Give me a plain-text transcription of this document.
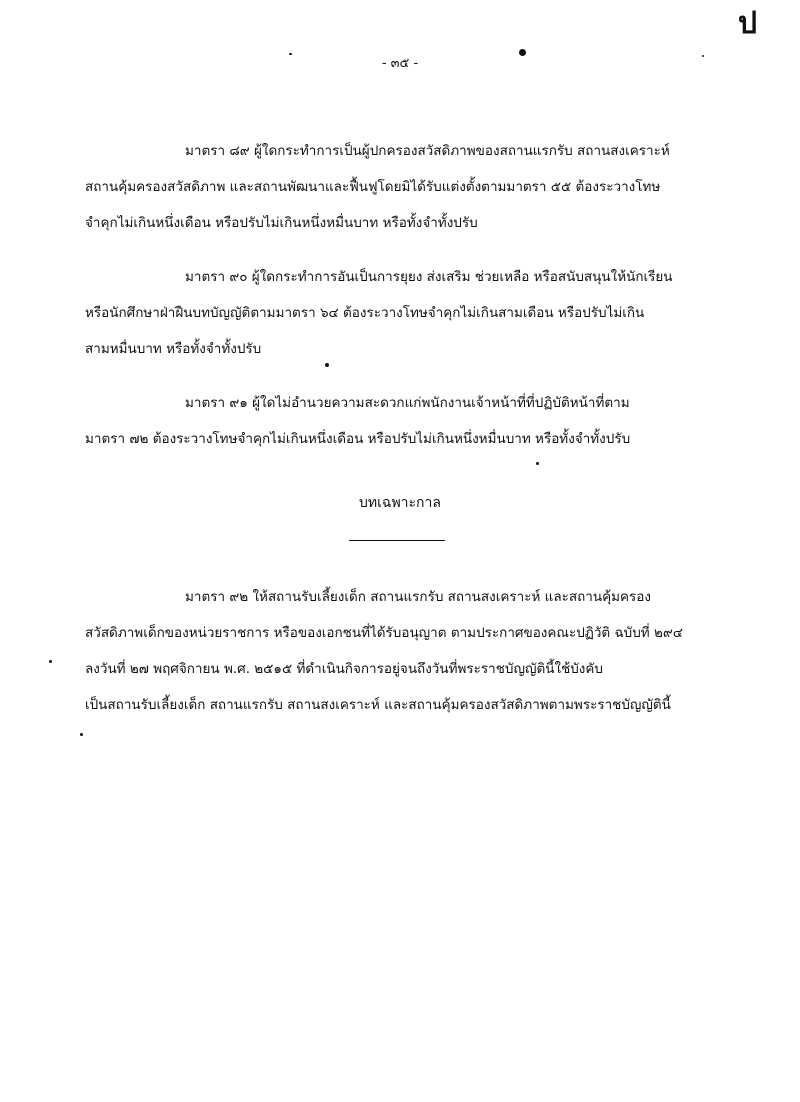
ป
- ๓๕ -
มาตรา ๘๙ ผู้ใดกระทำการเป็นผู้ปกครองสวัสดิภาพของสถานแรกรับ สถานสงเคราะห์
สถานคุ้มครองสวัสดิภาพ และสถานพัฒนาและฟื้นฟูโดยมิได้รับแต่งตั้งตามมาตรา ๕๕ ต้องระวางโทษ
จำคุกไม่เกินหนึ่งเดือน หรือปรับไม่เกินหนึ่งหมื่นบาท หรือทั้งจำทั้งปรับ
มาตรา ๙๐ ผู้ใดกระทำการอันเป็นการยุยง ส่งเสริม ช่วยเหลือ หรือสนับสนุนให้นักเรียน
หรือนักศึกษาฝ่าฝืนบทบัญญัติตามมาตรา ๖๔ ต้องระวางโทษจำคุกไม่เกินสามเดือน หรือปรับไม่เกิน
สามหมื่นบาท หรือทั้งจำทั้งปรับ
มาตรา ๙๑ ผู้ใดไม่อำนวยความสะดวกแก่พนักงานเจ้าหน้าที่ที่ปฏิบัติหน้าที่ตาม
มาตรา ๗๒ ต้องระวางโทษจำคุกไม่เกินหนึ่งเดือน หรือปรับไม่เกินหนึ่งหมื่นบาท หรือทั้งจำทั้งปรับ
บทเฉพาะกาล
มาตรา ๙๒ ให้สถานรับเลี้ยงเด็ก สถานแรกรับ สถานสงเคราะห์ และสถานคุ้มครอง
สวัสดิภาพเด็กของหน่วยราชการ หรือของเอกชนที่ได้รับอนุญาต ตามประกาศของคณะปฏิวัติ ฉบับที่ ๒๙๔
ลงวันที่ ๒๗ พฤศจิกายน พ.ศ. ๒๕๑๕ ที่ดำเนินกิจการอยู่จนถึงวันที่พระราชบัญญัตินี้ใช้บังคับ
เป็นสถานรับเลี้ยงเด็ก สถานแรกรับ สถานสงเคราะห์ และสถานคุ้มครองสวัสดิภาพตามพระราชบัญญัตินี้
